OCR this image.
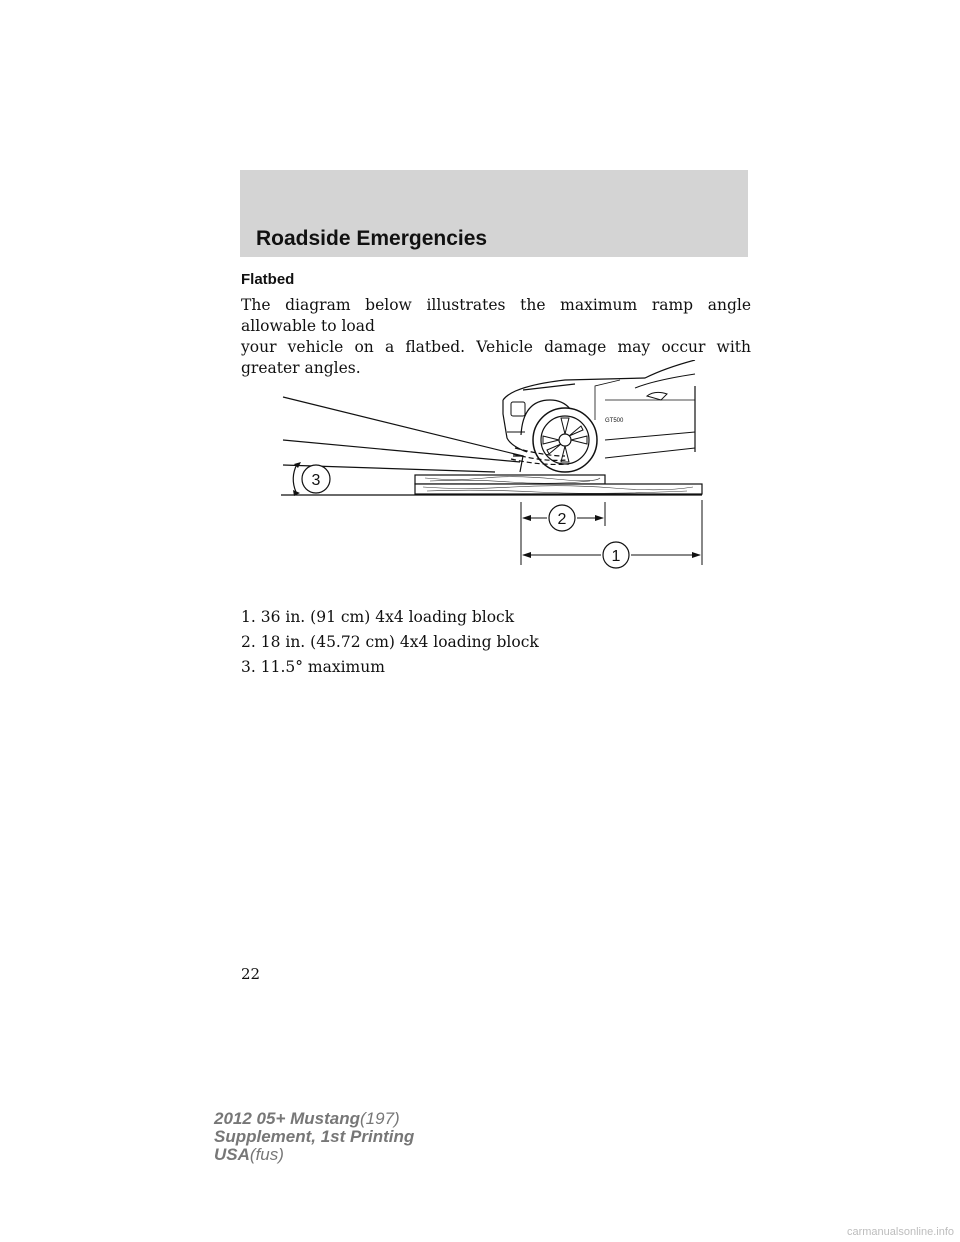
Roadside Emergencies
Flatbed
The diagram below illustrates the maximum ramp angle allowable to load
your vehicle on a flatbed. Vehicle damage may occur with greater angles.
GT500
3
2
1
1. 36 in. (91 cm) 4x4 loading block
2. 18 in. (45.72 cm) 4x4 loading block
3. 11.5° maximum
22
2012 05+ Mustang(197)
Supplement, 1st Printing
USA(fus)
carmanualsonline.info
